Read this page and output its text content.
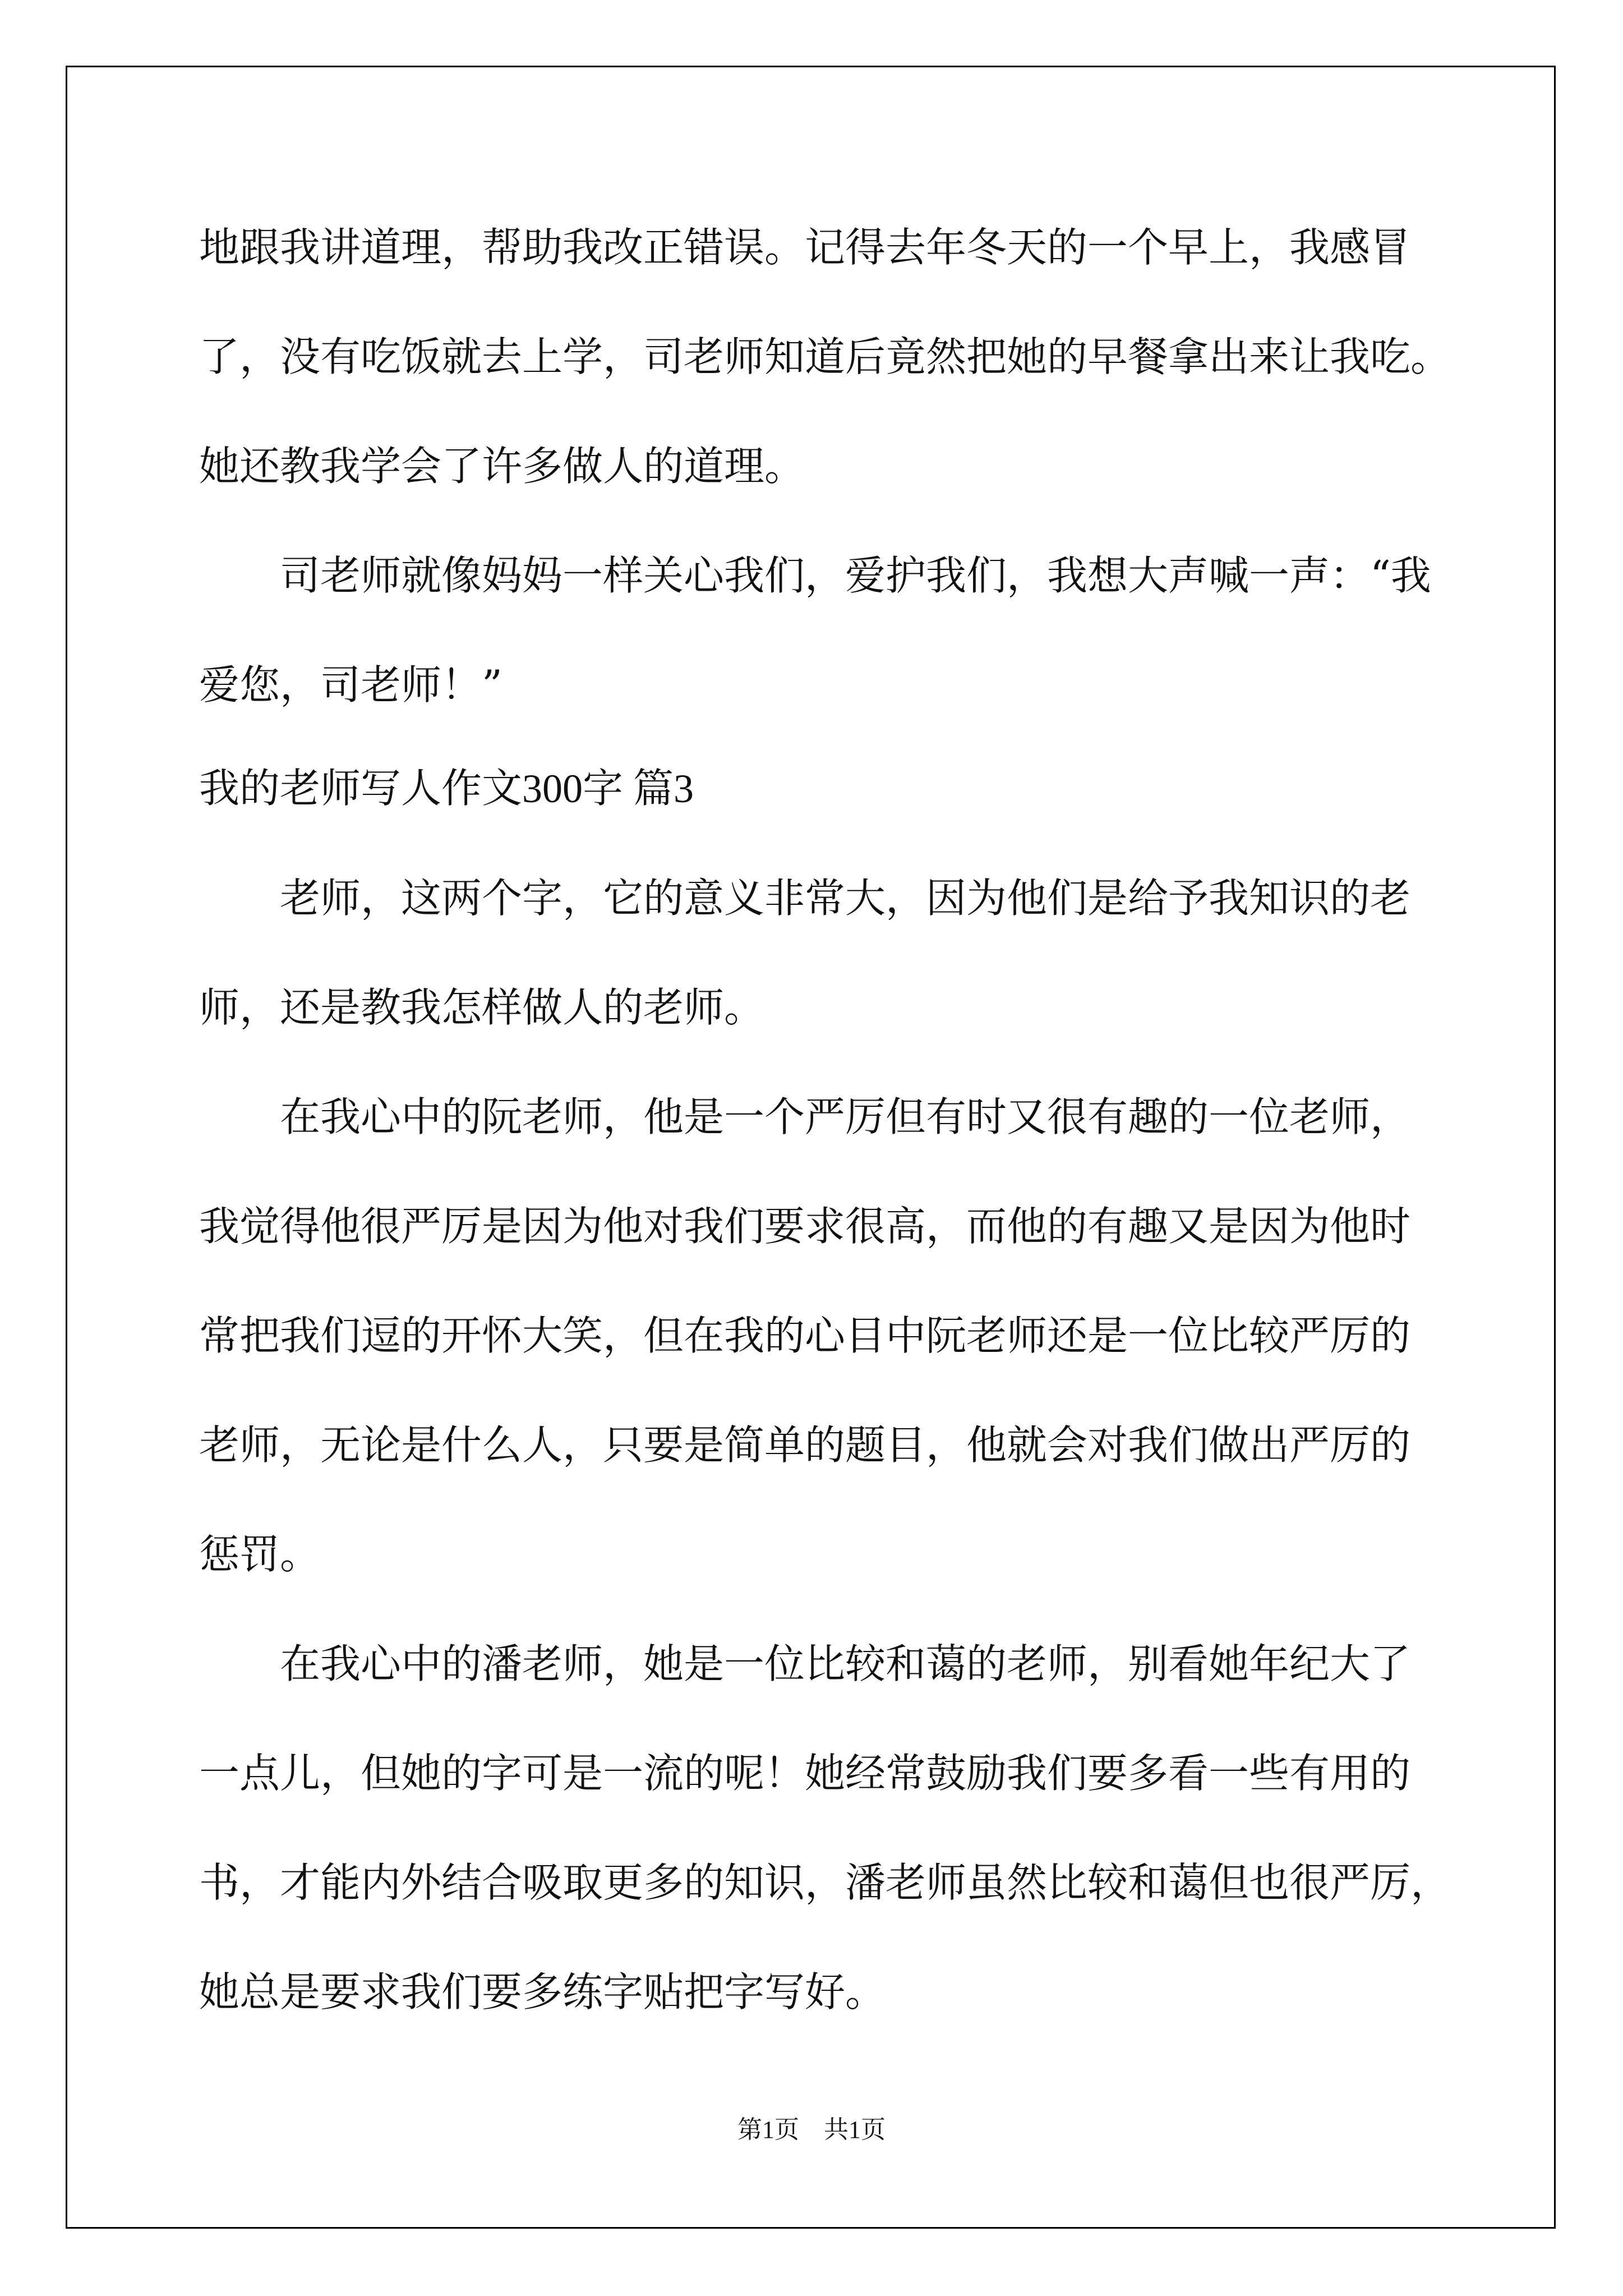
地跟我讲道理，帮助我改正错误。记得去年冬天的一个早上，我感冒
了，没有吃饭就去上学，司老师知道后竟然把她的早餐拿出来让我吃。
她还教我学会了许多做人的道理。
司老师就像妈妈一样关心我们，爱护我们，我想大声喊一声：“我
爱您，司老师！”
我的老师写人作文300字 篇3
老师，这两个字，它的意义非常大，因为他们是给予我知识的老
师，还是教我怎样做人的老师。
在我心中的阮老师，他是一个严厉但有时又很有趣的一位老师，
我觉得他很严厉是因为他对我们要求很高，而他的有趣又是因为他时
常把我们逗的开怀大笑，但在我的心目中阮老师还是一位比较严厉的
老师，无论是什么人，只要是简单的题目，他就会对我们做出严厉的
惩罚。
在我心中的潘老师，她是一位比较和蔼的老师，别看她年纪大了
一点儿，但她的字可是一流的呢！她经常鼓励我们要多看一些有用的
书，才能内外结合吸取更多的知识，潘老师虽然比较和蔼但也很严厉，
她总是要求我们要多练字贴把字写好。
第1页　共1页
